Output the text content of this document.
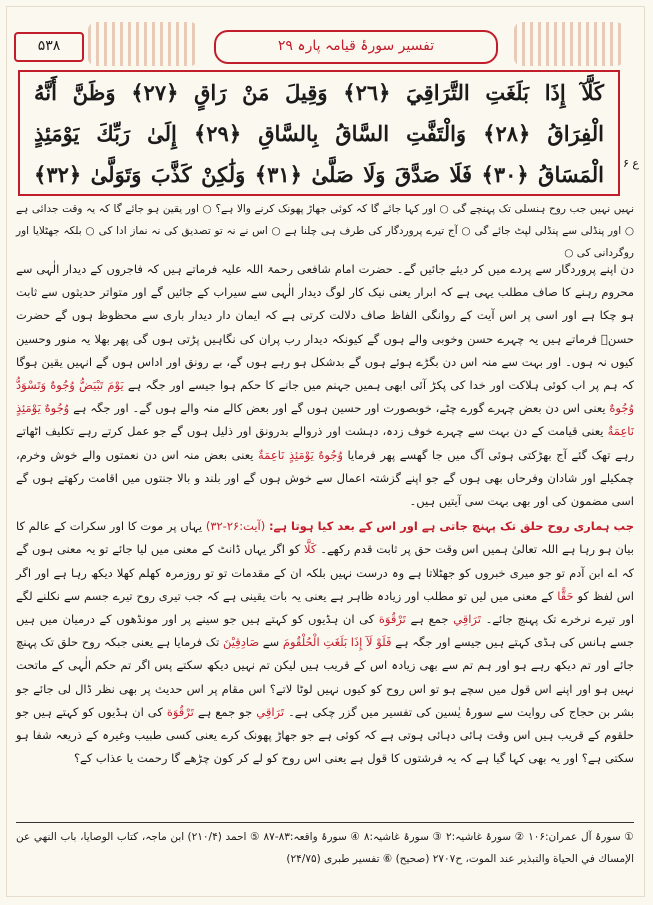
۵۳۸	تفسیر سورۂ قیامہ پارہ ۲۹
كَلَّآ إِذَا بَلَغَتِ التَّرَاقِيَ ﴿٢٦﴾ وَقِيلَ مَنْ رَاقٍ ﴿٢٧﴾ وَظَنَّ أَنَّهُ
الْفِرَاقُ ﴿٢٨﴾ وَالْتَفَّتِ السَّاقُ بِالسَّاقِ ﴿٢٩﴾ إِلَىٰ رَبِّكَ يَوْمَئِذٍ
الْمَسَاقُ ﴿٣٠﴾ فَلَا صَدَّقَ وَلَا صَلَّىٰ ﴿٣١﴾ وَلَٰكِنْ كَذَّبَ وَتَوَلَّىٰ ﴿٣٢﴾	ع ۶
نہیں نہیں جب روح ہنسلی تک پہنچے گی ○ اور کہا جائے گا کہ کوئی جھاڑ پھونک کرنے والا ہے؟ ○ اور یقین ہو جائے گا کہ یہ وقت جدائی ہے ○ اور پنڈلی سے پنڈلی لپٹ جائے گی ○ آج تیرے پروردگار کی طرف ہی چلنا ہے ○ اس نے نہ تو تصدیق کی نہ نماز ادا کی ○ بلکہ جھٹلایا اور روگردانی کی ○

دن اپنے پروردگار سے پردے میں کر دیئے جائیں گے۔ حضرت امام شافعی رحمۃ اللہ علیہ فرماتے ہیں کہ فاجروں کے دیدار الٰہی سے محروم رہنے کا صاف مطلب یہی ہے کہ ابرار یعنی نیک کار لوگ دیدار الٰہی سے سیراب کے جائیں گے اور متواتر حدیثوں سے ثابت ہو چکا ہے اور اسی پر اس آیت کے روانگی الفاظ صاف دلالت کرتی ہے کہ ایمان دار دیدار باری سے محظوظ ہوں گے حضرت حسنؒ فرماتے ہیں یہ چہرے حسن وخوبی والے ہوں گے کیونکہ دیدار رب پران کی نگاہیں پڑتی ہوں گی پھر بھلا یہ منور وحسین کیوں نہ ہوں۔ اور بہت سے منہ اس دن بگڑے ہوئے ہوں گے بدشکل ہو رہے ہوں گے، بے رونق اور اداس ہوں گے انہیں یقین ہوگا کہ ہم پر اب کوئی ہلاکت اور خدا کی پکڑ آئی ابھی ہمیں جہنم میں جانے کا حکم ہوا جیسے اور جگہ ہے يَوْمَ تَبْيَضُّ وُجُوهٌ وَتَسْوَدُّ وُجُوهٌ یعنی اس دن بعض چہرے گورے چٹے، خوبصورت اور حسین ہوں گے اور بعض کالے منہ والے ہوں گے۔ اور جگہ ہے وُجُوهٌ يَوْمَئِذٍ نَاعِمَةٌ یعنی قیامت کے دن بہت سے چہرے خوف زدہ، دہشت اور ذروالے بدرونق اور ذلیل ہوں گے جو عمل کرتے رہے تکلیف اٹھاتے رہے تھک گئے آج بھڑکتی ہوئی آگ میں جا گھسے پھر فرمایا وُجُوهٌ يَوْمَئِذٍ نَاعِمَةٌ یعنی بعض منہ اس دن نعمتوں والے خوش وخرم، چمکیلے اور شادان وفرحاں بھی ہوں گے جو اپنے گزشتہ اعمال سے خوش ہوں گے اور بلند و بالا جنتوں میں اقامت رکھتے ہوں گے اسی مضمون کی اور بھی بہت سی آیتیں ہیں۔

جب ہماری روح حلق تک پہنچ جاتی ہے اور اس کے بعد کیا ہوتا ہے: (آیت:۲۶-۳۲) یہاں پر موت کا اور سکرات کے عالم کا بیان ہو رہا ہے اللہ تعالیٰ ہمیں اس وقت حق پر ثابت قدم رکھے۔ كَلَّا کو اگر یہاں ڈانٹ کے معنی میں لیا جائے تو یہ معنی ہوں گے کہ اے ابن آدم تو جو میری خبروں کو جھٹلاتا ہے وہ درست نہیں بلکہ ان کے مقدمات تو تو روزمرہ کھلم کھلا دیکھ رہا ہے اور اگر اس لفظ کو حَقًّا کے معنی میں لیں تو مطلب اور زیادہ ظاہر ہے یعنی یہ بات یقینی ہے کہ جب تیری روح تیرے جسم سے نکلنے لگے اور تیرے نرخرے تک پہنچ جائے۔ تَرَاقِي جمع ہے تَرْقُوَة کی ان ہڈیوں کو کہتے ہیں جو سینے پر اور مونڈھوں کے درمیان میں ہیں جسے ہانس کی ہڈی کہتے ہیں جیسے اور جگہ ہے فَلَوْ لَآ إِذَا بَلَغَتِ الْحُلْقُومَ سے صَادِقِيْنَ تک فرمایا ہے یعنی جبکہ روح حلق تک پہنچ جائے اور تم دیکھ رہے ہو اور ہم تم سے بھی زیادہ اس کے قریب ہیں لیکن تم نہیں دیکھ سکتے پس اگر تم حکم الٰہی کے ماتحت نہیں ہو اور اپنے اس قول میں سچے ہو تو اس روح کو کیوں نہیں لوٹا لاتے؟ اس مقام پر اس حدیث پر بھی نظر ڈال لی جائے جو بشر بن حجاج کی روایت سے سورۂ یٰسین کی تفسیر میں گزر چکی ہے۔ تَرَاقِي جو جمع ہے تَرْقُوَة کی ان ہڈیوں کو کہتے ہیں جو حلقوم کے قریب ہیں اس وقت ہائی دہائی ہوتی ہے کہ کوئی ہے جو جھاڑ پھونک کرے یعنی کسی طبیب وغیرہ کے ذریعہ شفا ہو سکتی ہے؟ اور یہ بھی کہا گیا ہے کہ یہ فرشتوں کا قول ہے یعنی اس روح کو لے کر کون چڑھے گا رحمت یا عذاب کے؟

① سورۂ آل عمران:۱۰۶ ② سورۂ غاشیہ:۲ ③ سورۂ غاشیہ:۸ ④ سورۂ واقعہ:۸۳-۸۷ ⑤ احمد (۲۱۰/۴) ابن ماجہ، کتاب الوصایا، باب النهي عن الإمساك في الحياة والتبذير عند الموت، ح۲۷۰۷ (صحيح) ⑥ تفسیر طبری (۲۴/۷۵)
